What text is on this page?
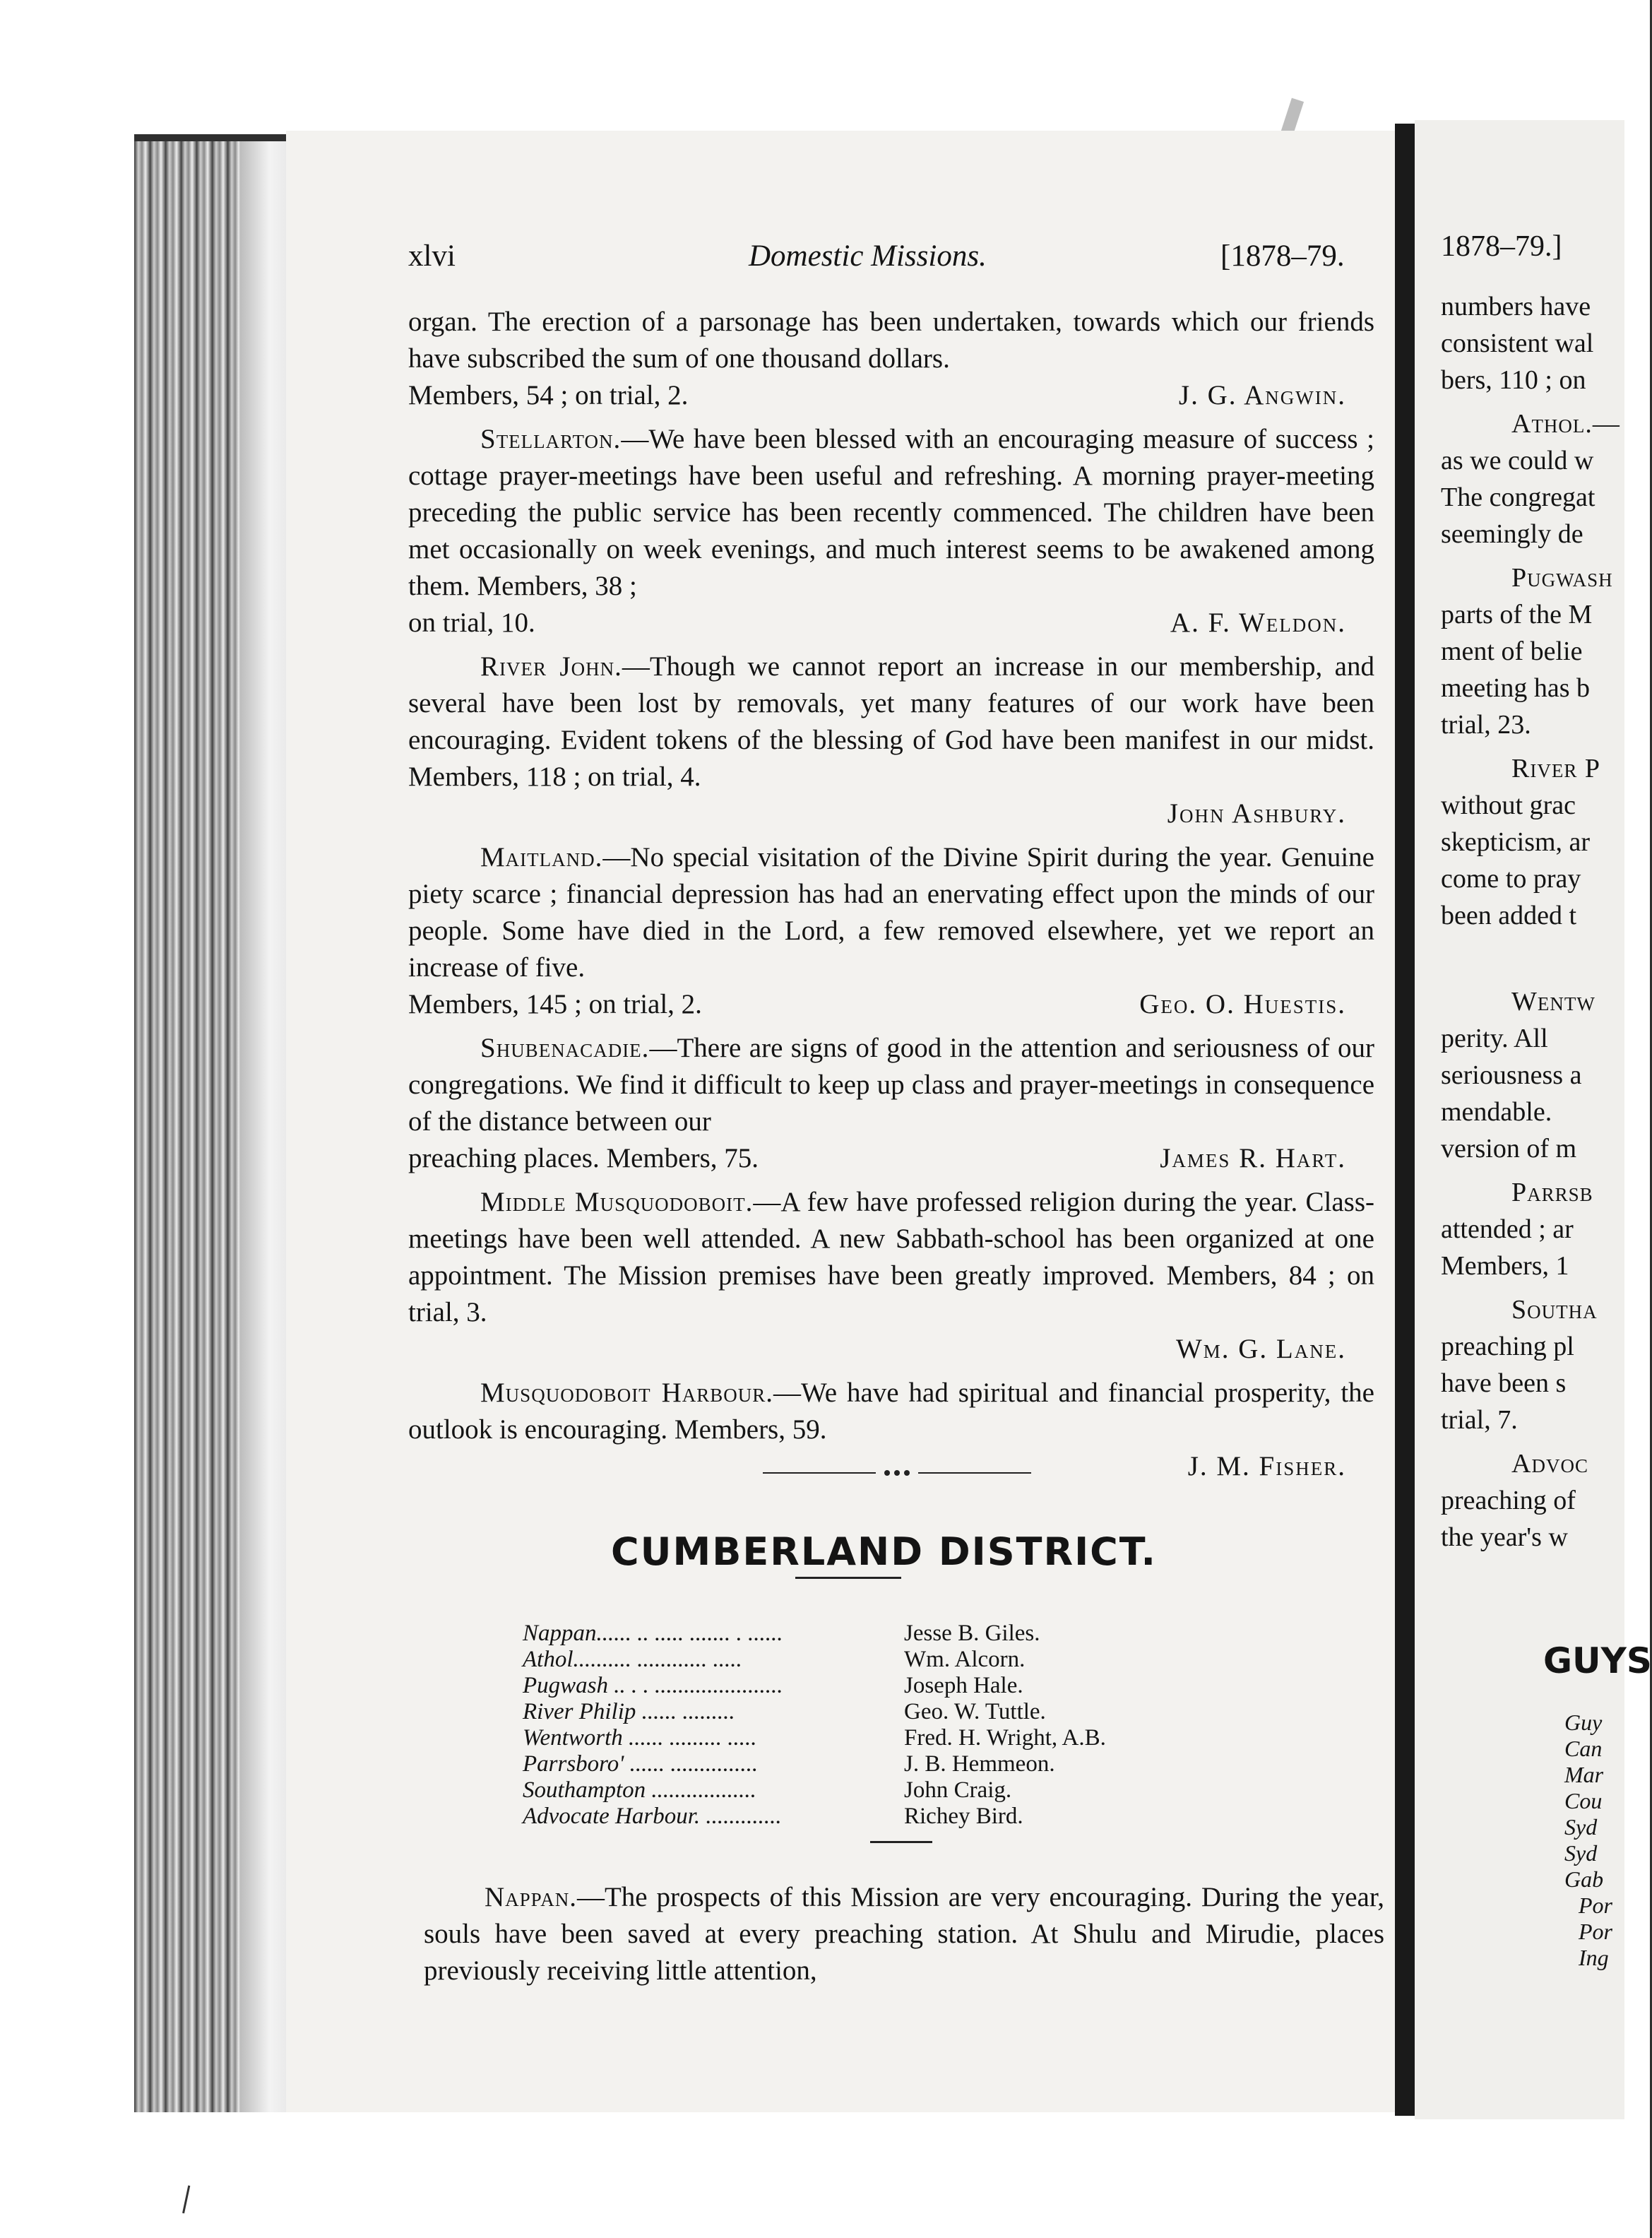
xlvi	Domestic Missions.	[1878–79.
organ. The erection of a parsonage has been undertaken, towards which our friends have subscribed the sum of one thousand dollars.
Members, 54 ; on trial, 2.	J. G. Angwin.
Stellarton.—We have been blessed with an encouraging measure of success ; cottage prayer-meetings have been useful and refreshing. A morning prayer-meeting preceding the public service has been recently commenced. The children have been met occasionally on week evenings, and much interest seems to be awakened among them. Members, 38 ;
on trial, 10.	A. F. Weldon.
River John.—Though we cannot report an increase in our membership, and several have been lost by removals, yet many features of our work have been encouraging. Evident tokens of the blessing of God have been manifest in our midst. Members, 118 ; on trial, 4.
John Ashbury.
Maitland.—No special visitation of the Divine Spirit during the year. Genuine piety scarce ; financial depression has had an enervating effect upon the minds of our people. Some have died in the Lord, a few removed elsewhere, yet we report an increase of five.
Members, 145 ; on trial, 2.	Geo. O. Huestis.
Shubenacadie.—There are signs of good in the attention and seriousness of our congregations. We find it difficult to keep up class and prayer-meetings in consequence of the distance between our
preaching places. Members, 75.	James R. Hart.
Middle Musquodoboit.—A few have professed religion during the year. Class-meetings have been well attended. A new Sabbath-school has been organized at one appointment. The Mission premises have been greatly improved. Members, 84 ; on trial, 3.
Wm. G. Lane.
Musquodoboit Harbour.—We have had spiritual and financial prosperity, the outlook is encouraging. Members, 59.
J. M. Fisher.
CUMBERLAND DISTRICT.
Nappan...... .. ..... ....... . ......	Jesse B. Giles.
Athol.......... ............ .....	Wm. Alcorn.
Pugwash .. . . ......................	Joseph Hale.
River Philip ...... .........	Geo. W. Tuttle.
Wentworth ...... ......... .....	Fred. H. Wright, A.B.
Parrsboro' ...... ...............	J. B. Hemmeon.
Southampton ..................	John Craig.
Advocate Harbour. .............	Richey Bird.
Nappan.—The prospects of this Mission are very encouraging. During the year, souls have been saved at every preaching station. At Shulu and Mirudie, places previously receiving little attention,
1878–79.]
numbers have
consistent wal
bers, 110 ; on
Athol.—
as we could w
The congregat
seemingly de
Pugwash
parts of the M
ment of belie
meeting has b
trial, 23.
River P
without grac
skepticism, ar
come to pray
been added t
Wentw
perity. All
seriousness a
mendable.
version of m
Parrsb
attended ; ar
Members, 1
Southa
preaching pl
have been s
trial, 7.
Advoc
preaching of
the year's w
GUYS
Guy
Can
Mar
Cou
Syd
Syd
Gab
Por
Por
Ing
